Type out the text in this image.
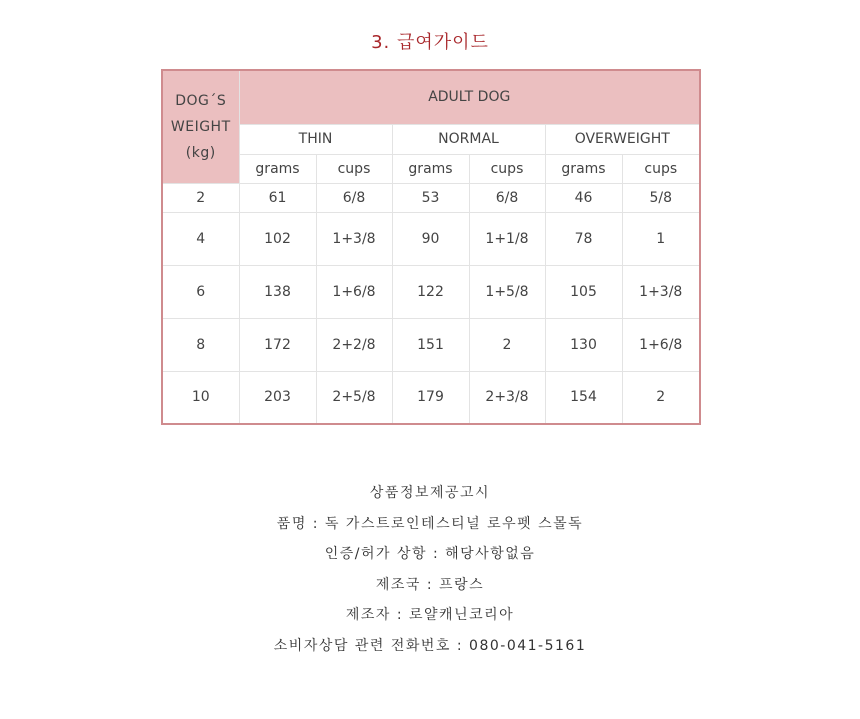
3. 급여가이드
DOG´S
WEIGHT
(kg)	ADULT DOG					
	THIN		NORMAL		OVERWEIGHT	
	grams	cups	grams	cups	grams	cups
2	61	6/8	53	6/8	46	5/8
4	102	1+3/8	90	1+1/8	78	1
6	138	1+6/8	122	1+5/8	105	1+3/8
8	172	2+2/8	151	2	130	1+6/8
10	203	2+5/8	179	2+3/8	154	2
상품정보제공고시
품명 : 독 가스트로인테스티널 로우펫 스몰독
인증/허가 상항 : 해당사항없음
제조국 : 프랑스
제조자 : 로얄캐닌코리아
소비자상담 관련 전화번호 : 080-041-5161
